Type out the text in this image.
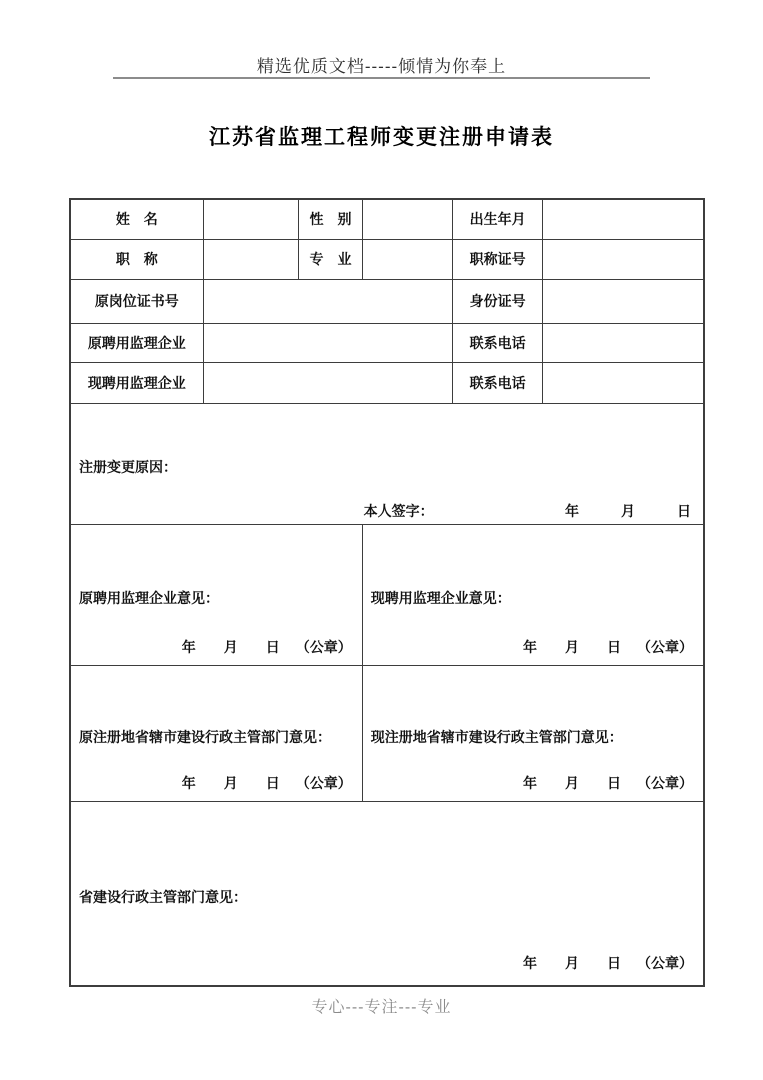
精选优质文档-----倾情为你奉上
江苏省监理工程师变更注册申请表
姓　名		性　别		出生年月	
职　称		专　业		职称证号	
原岗位证书号				身份证号	
原聘用监理企业				联系电话	
现聘用监理企业				联系电话	

注册变更原因：
本人签字： 年 月 日					

原聘用监理企业意见：
年 月 日 （公章）

现聘用监理企业意见：
年 月 日 （公章）

原注册地省辖市建设行政主管部门意见：
年 月 日 （公章）

现注册地省辖市建设行政主管部门意见：
年 月 日 （公章）

省建设行政主管部门意见：
年 月 日 （公章）					
专心---专注---专业
